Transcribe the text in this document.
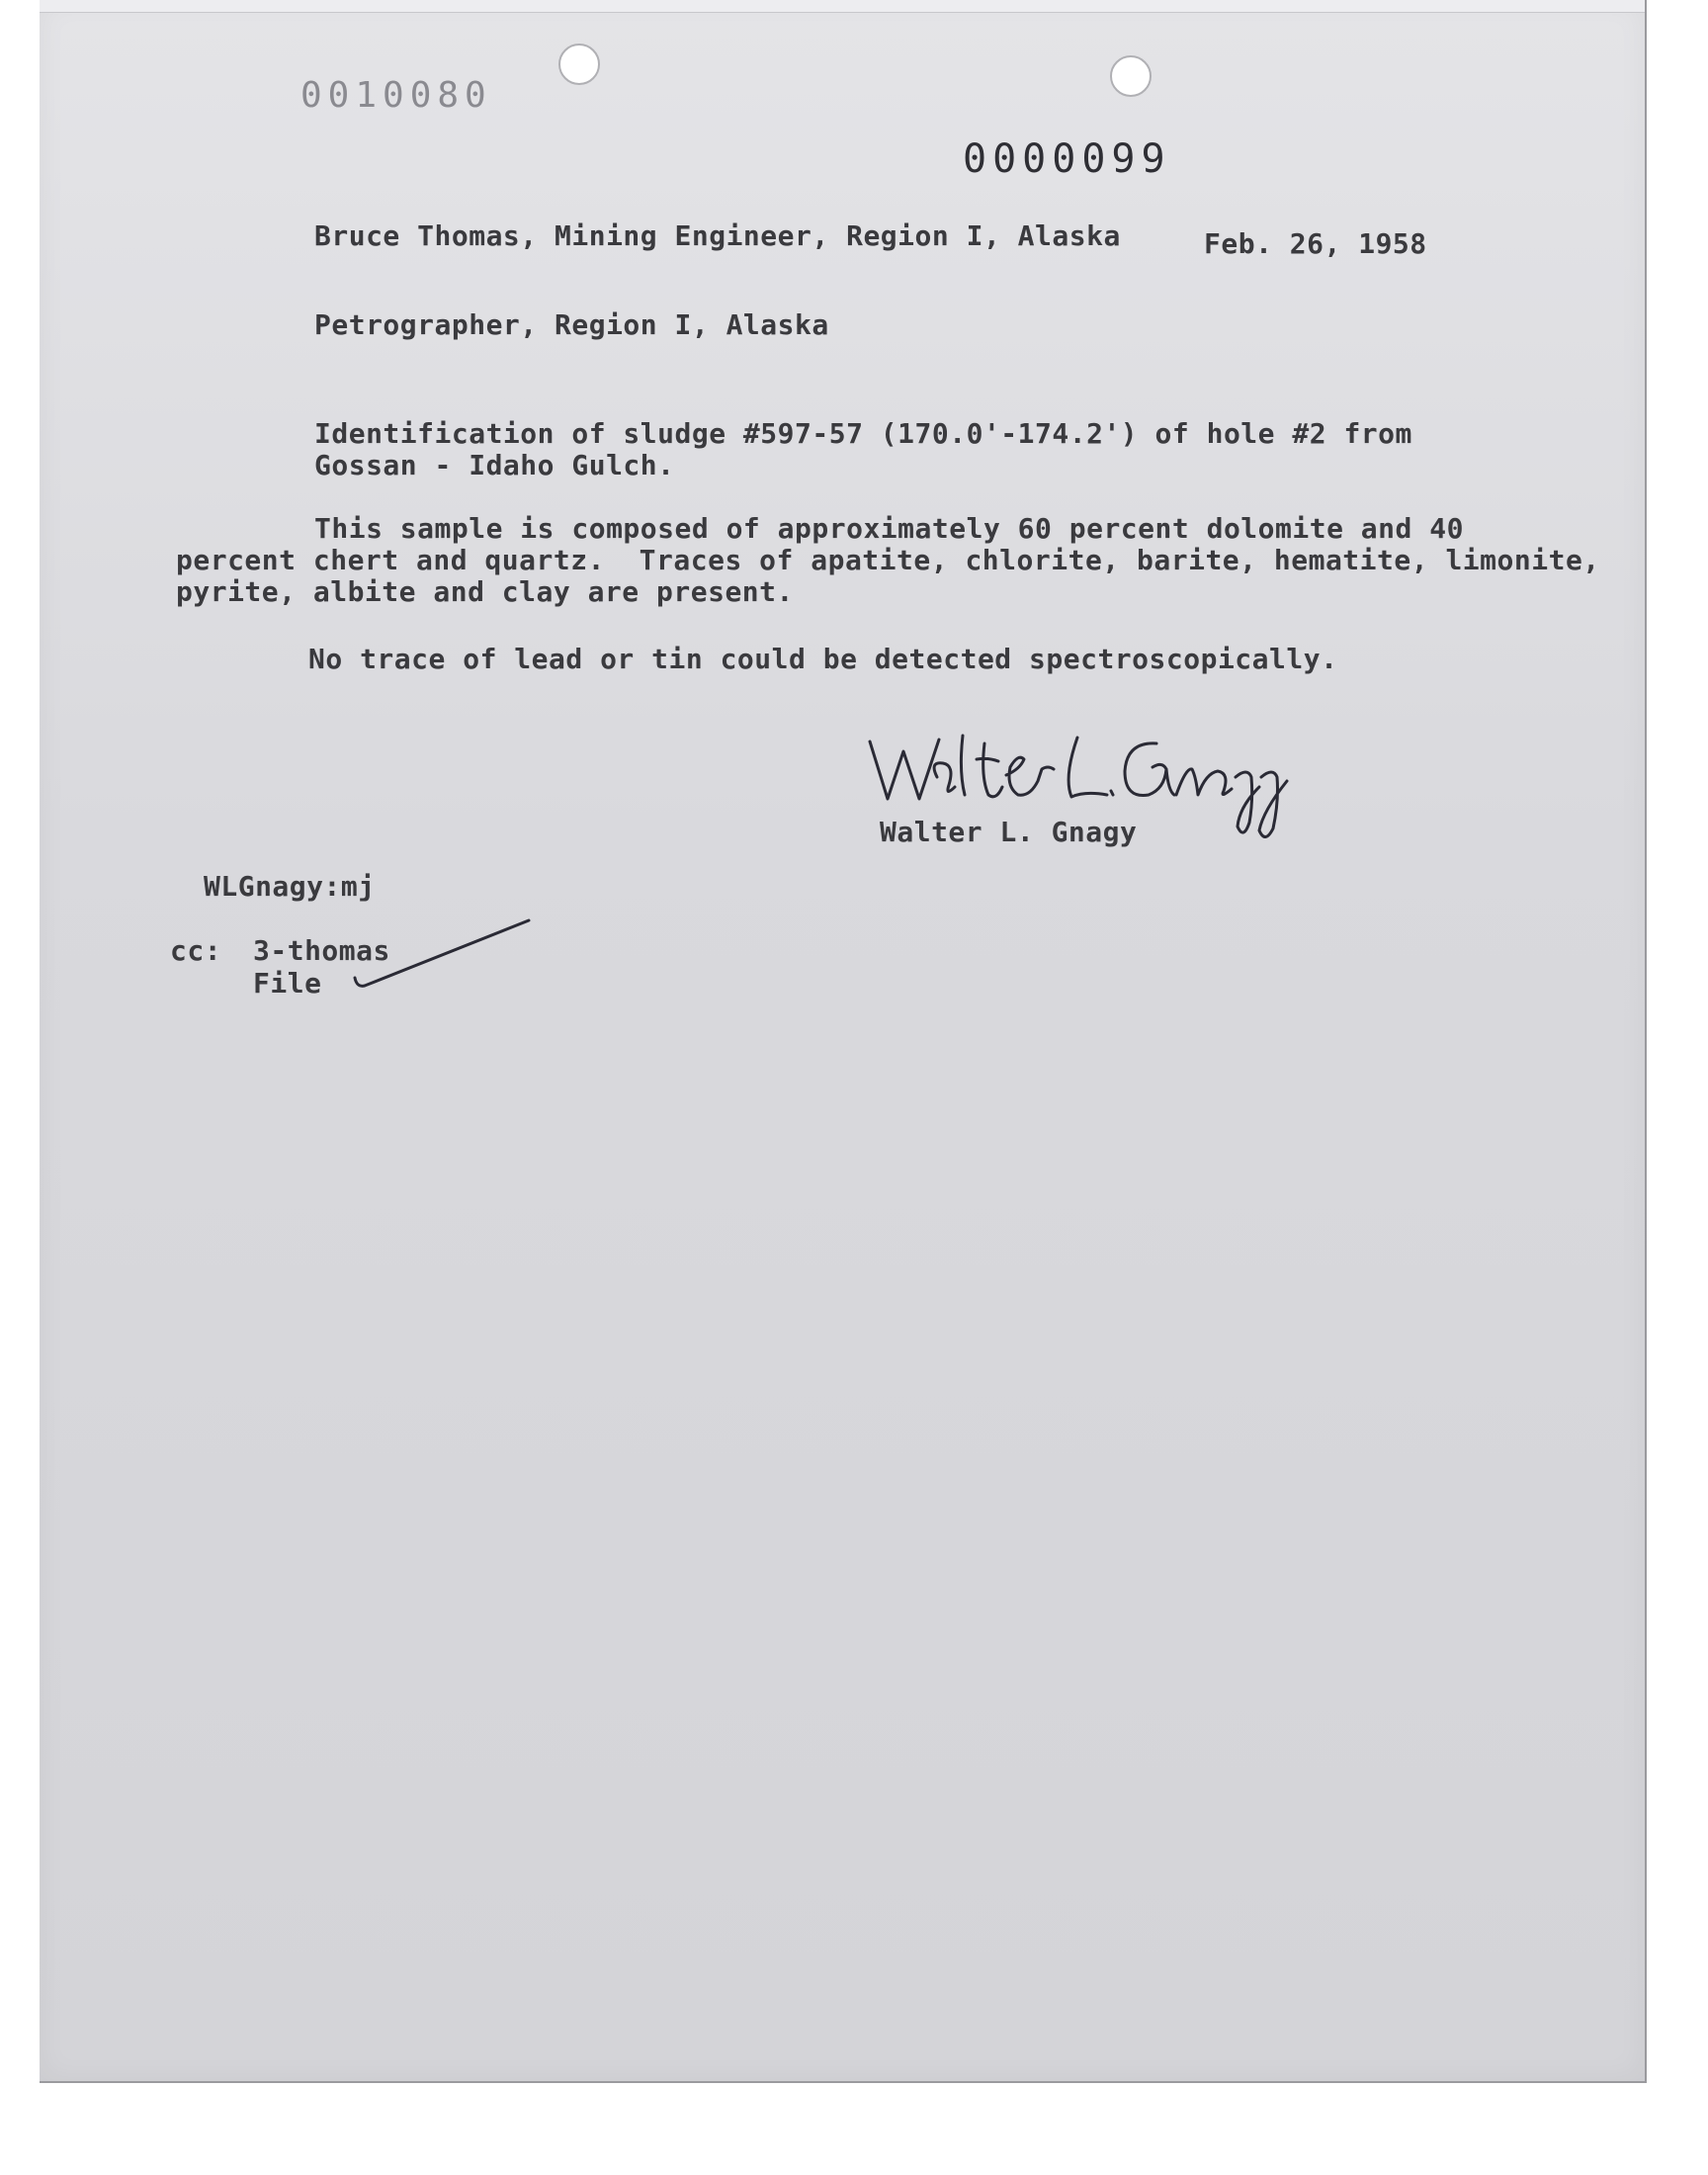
0010080
0000099
Bruce Thomas, Mining Engineer, Region I, Alaska	Feb. 26, 1958
Petrographer, Region I, Alaska
Identification of sludge #597-57 (170.0'-174.2') of hole #2 from
Gossan - Idaho Gulch.
This sample is composed of approximately 60 percent dolomite and 40
percent chert and quartz.  Traces of apatite, chlorite, barite, hematite, limonite,
pyrite, albite and clay are present.
No trace of lead or tin could be detected spectroscopically.
Walter L. Gnagy
WLGnagy:mj
cc: 3-thomas
File
